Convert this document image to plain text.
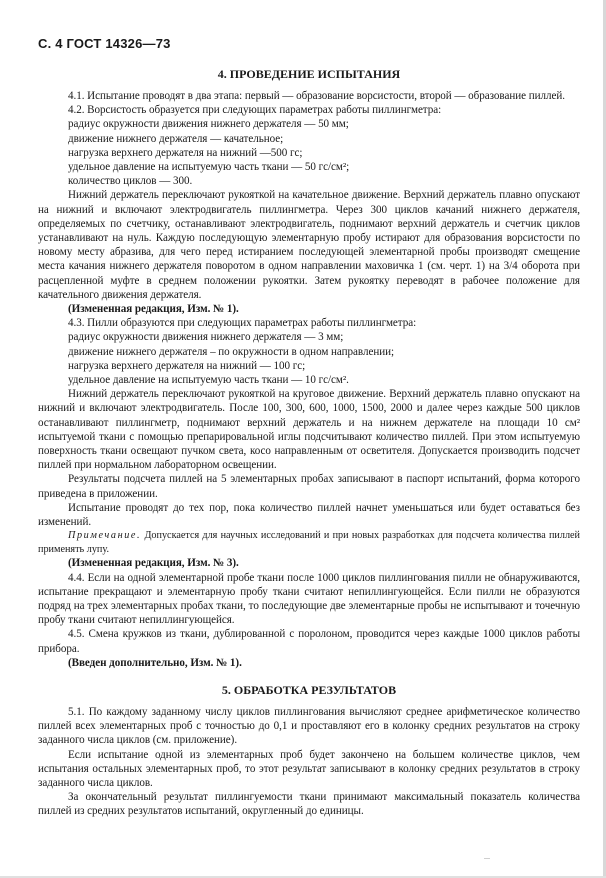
С. 4 ГОСТ 14326—73
4. ПРОВЕДЕНИЕ ИСПЫТАНИЯ

4.1. Испытание проводят в два этапа: первый — образование ворсистости, второй — образование пиллей.

4.2. Ворсистость образуется при следующих параметрах работы пиллингметра:

радиус окружности движения нижнего держателя — 50 мм;

движение нижнего держателя — качательное;

нагрузка верхнего держателя на нижний —500 гс;

удельное давление на испытуемую часть ткани — 50 гс/см²;

количество циклов — 300.

Нижний держатель переключают рукояткой на качательное движение. Верхний держатель плавно опускают на нижний и включают электродвигатель пиллингметра. Через 300 циклов качаний нижнего держателя, определяемых по счетчику, останавливают электродвигатель, поднимают верхний держатель и счетчик циклов устанавливают на нуль. Каждую последующую элементарную пробу истирают для образования ворсистости по новому месту абразива, для чего перед истиранием последующей элементарной пробы производят смещение места качания нижнего держателя поворотом в одном направлении маховичка 1 (см. черт. 1) на 3/4 оборота при расцепленной муфте в среднем положении рукоятки. Затем рукоятку переводят в рабочее положение для качательного движения держателя.

(Измененная редакция, Изм. № 1).

4.3. Пилли образуются при следующих параметрах работы пиллингметра:

радиус окружности движения нижнего держателя — 3 мм;

движение нижнего держателя – по окружности в одном направлении;

нагрузка верхнего держателя на нижний — 100 гс;

удельное давление на испытуемую часть ткани — 10 гс/см².

Нижний держатель переключают рукояткой на круговое движение. Верхний держатель плавно опускают на нижний и включают электродвигатель. После 100, 300, 600, 1000, 1500, 2000 и далее через каждые 500 циклов останавливают пиллингметр, поднимают верхний держатель и на нижнем держателе на площади 10 см² испытуемой ткани с помощью препарировальной иглы подсчитывают количество пиллей. При этом испытуемую поверхность ткани освещают пучком света, косо направленным от осветителя. Допускается производить подсчет пиллей при нормальном лабораторном освещении.

Результаты подсчета пиллей на 5 элементарных пробах записывают в паспорт испытаний, форма которого приведена в приложении.

Испытание проводят до тех пор, пока количество пиллей начнет уменьшаться или будет оставаться без изменений.

Примечание. Допускается для научных исследований и при новых разработках для подсчета количества пиллей применять лупу.

(Измененная редакция, Изм. № 3).

4.4. Если на одной элементарной пробе ткани после 1000 циклов пиллингования пилли не обнаруживаются, испытание прекращают и элементарную пробу ткани считают непиллингующейся. Если пилли не образуются подряд на трех элементарных пробах ткани, то последующие две элементарные пробы не испытывают и точечную пробу ткани считают непиллингующейся.

4.5. Смена кружков из ткани, дублированной с поролоном, проводится через каждые 1000 циклов работы прибора.

(Введен дополнительно, Изм. № 1).

5. ОБРАБОТКА РЕЗУЛЬТАТОВ

5.1. По каждому заданному числу циклов пиллингования вычисляют среднее арифметическое количество пиллей всех элементарных проб с точностью до 0,1 и проставляют его в колонку средних результатов на строку заданного числа циклов (см. приложение).

Если испытание одной из элементарных проб будет закончено на большем количестве циклов, чем испытания остальных элементарных проб, то этот результат записывают в колонку средних результатов в строку заданного числа циклов.

За окончательный результат пиллингуемости ткани принимают максимальный показатель количества пиллей из средних результатов испытаний, округленный до единицы.
